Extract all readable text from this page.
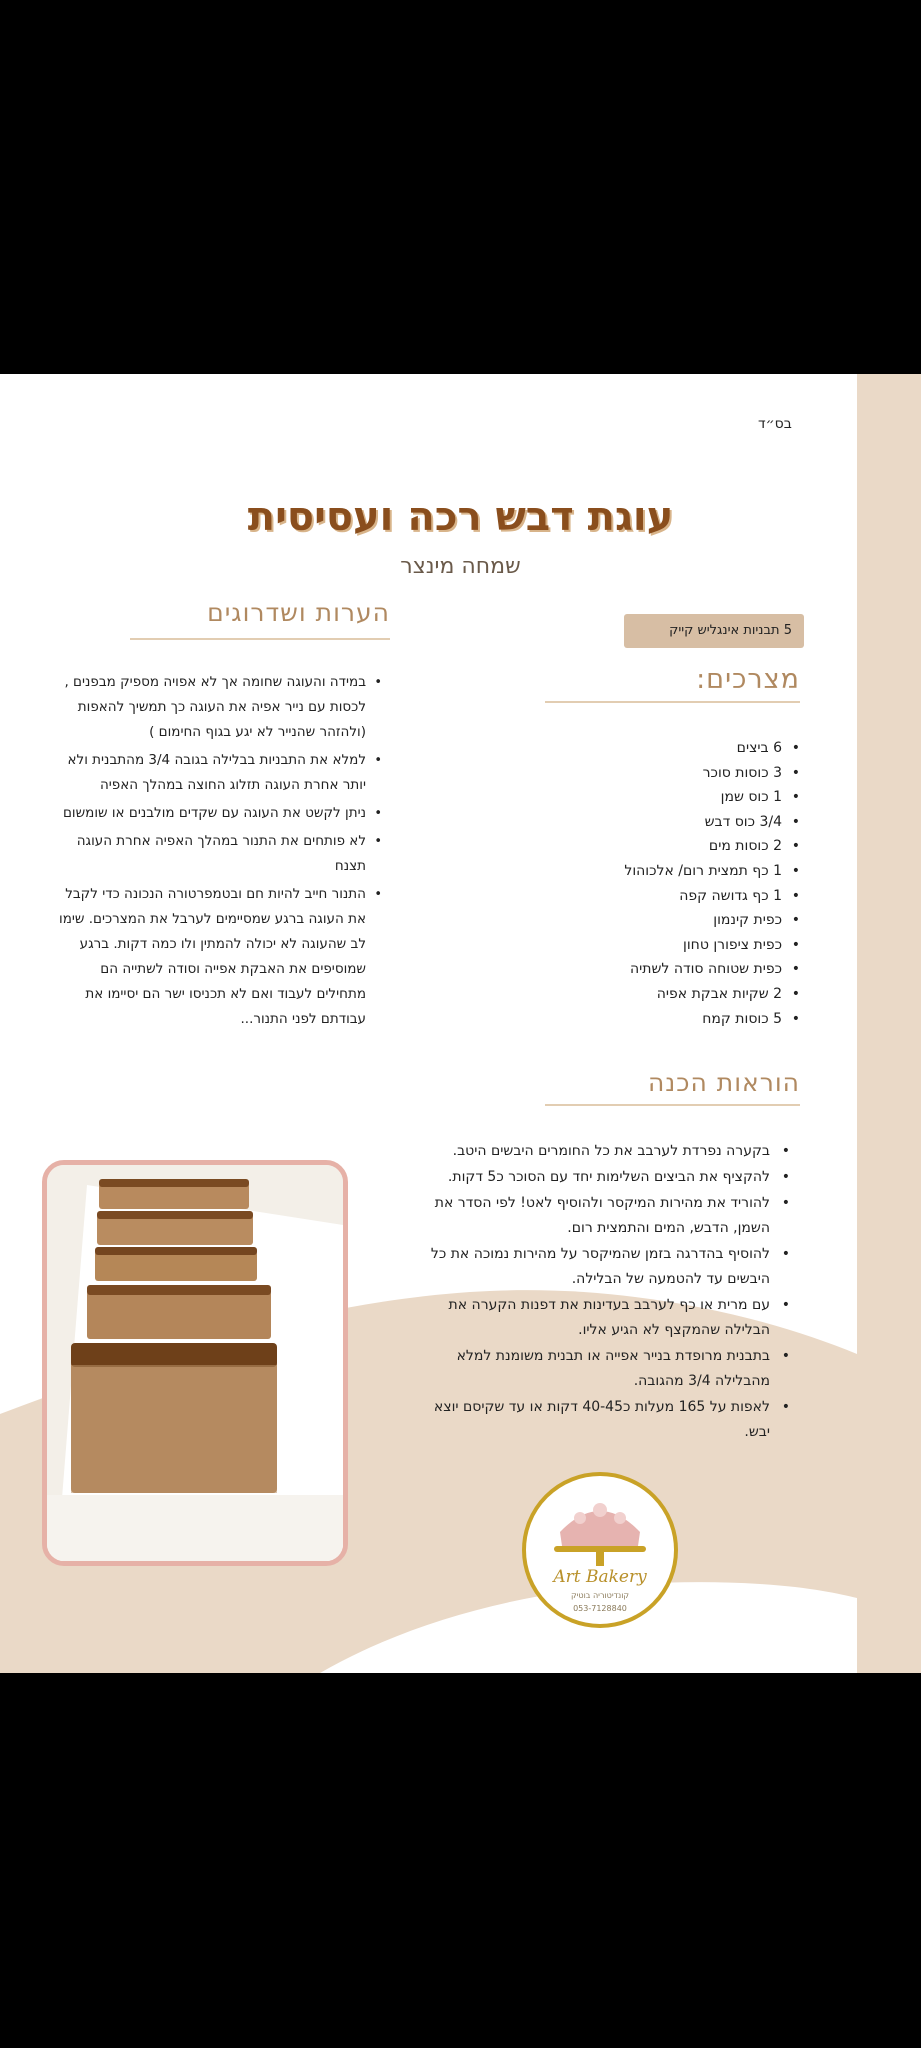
בס״ד
עוגת דבש רכה ועסיסית
שמחה מינצר
5 תבניות אינגליש קייק
מצרכים:
• 6 ביצים
• 3 כוסות סוכר
• 1 כוס שמן
• 3/4 כוס דבש
• 2 כוסות מים
• 1 כף תמצית רום/ אלכוהול
• 1 כף גדושה קפה
• כפית קינמון
• כפית ציפורן טחון
• כפית שטוחה סודה לשתיה
• 2 שקיות אבקת אפיה
• 5 כוסות קמח
הערות ושדרוגים
• במידה והעוגה שחומה אך לא אפויה מספיק מבפנים , לכסות עם נייר אפיה את העוגה כך תמשיך להאפות (ולהזהר שהנייר לא יגע בגוף החימום )
• למלא את התבניות בבלילה בגובה 3/4 מהתבנית ולא יותר אחרת העוגה תזלוג החוצה במהלך האפיה
• ניתן לקשט את העוגה עם שקדים מולבנים או שומשום
• לא פותחים את התנור במהלך האפיה אחרת העוגה תצנח
• התנור חייב להיות חם ובטמפרטורה הנכונה כדי לקבל את העוגה ברגע שמסיימים לערבל את המצרכים. שימו לב שהעוגה לא יכולה להמתין ולו כמה דקות. ברגע שמוסיפים את האבקת אפייה וסודה לשתייה הם מתחילים לעבוד ואם לא תכניסו ישר הם יסיימו את עבודתם לפני התנור...
הוראות הכנה
• בקערה נפרדת לערבב את כל החומרים היבשים היטב.
• להקציף את הביצים השלימות יחד עם הסוכר כ5 דקות.
• להוריד את מהירות המיקסר ולהוסיף לאט! לפי הסדר את השמן, הדבש, המים והתמצית רום.
• להוסיף בהדרגה בזמן שהמיקסר על מהירות נמוכה את כל היבשים עד להטמעה של הבלילה.
• עם מרית או כף לערבב בעדינות את דפנות הקערה את הבלילה שהמקצף לא הגיע אליו.
• בתבנית מרופדת בנייר אפייה או תבנית משומנת למלא מהבלילה 3/4 מהגובה.
• לאפות על 165 מעלות כ40-45 דקות או עד שקיסם יוצא יבש.
Art Bakery
קונדיטוריה בוטיק
053-7128840
